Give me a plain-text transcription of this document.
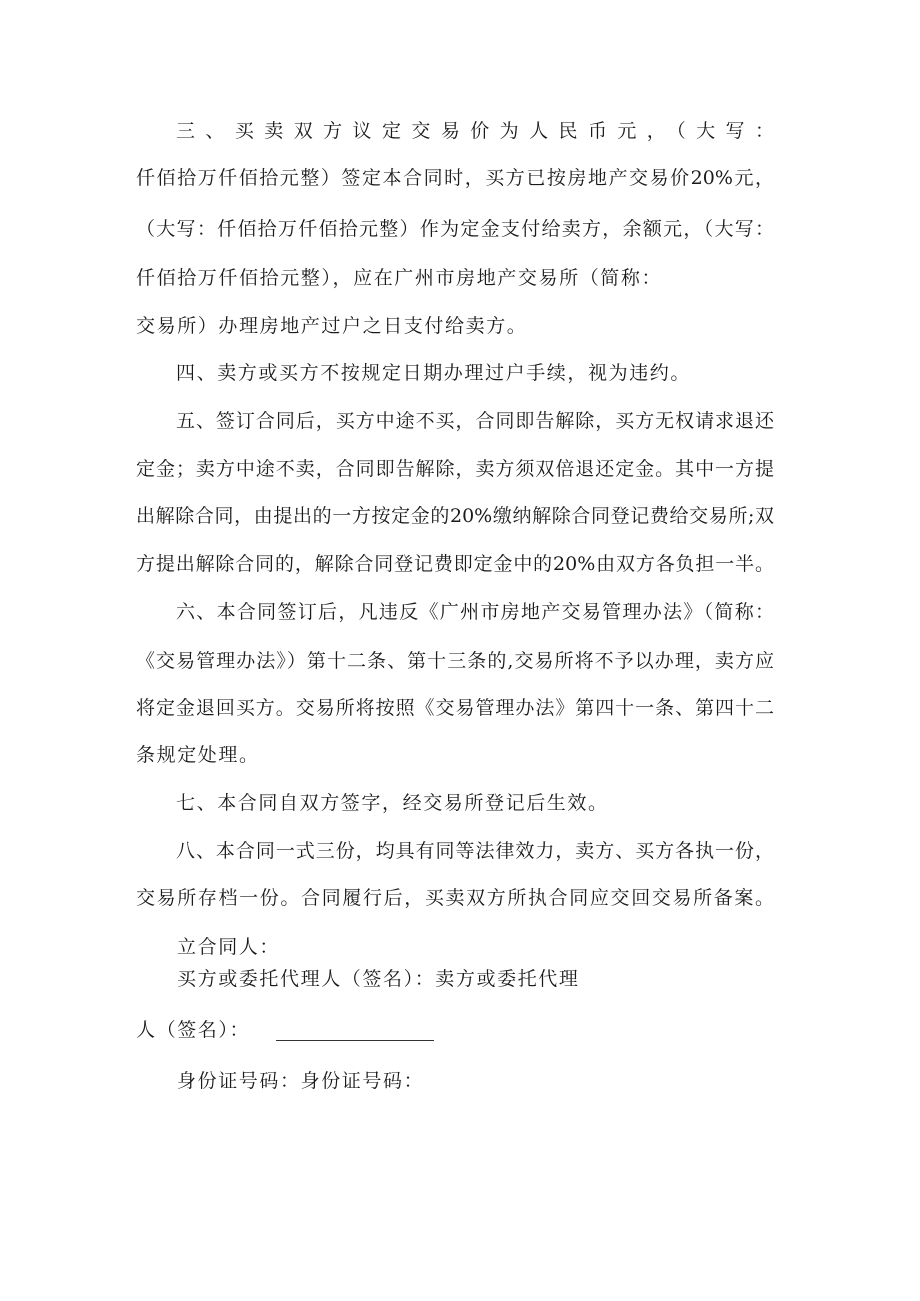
三、买卖双方议定交易价为人民币元，（大写：
仟佰拾万仟佰拾元整）签定本合同时，买方已按房地产交易价20%元，
（大写：仟佰拾万仟佰拾元整）作为定金支付给卖方，余额元，（大写：
仟佰拾万仟佰拾元整），应在广州市房地产交易所（简称：
交易所）办理房地产过户之日支付给卖方。
四、卖方或买方不按规定日期办理过户手续，视为违约。
五、签订合同后，买方中途不买，合同即告解除，买方无权请求退还
定金；卖方中途不卖，合同即告解除，卖方须双倍退还定金。其中一方提
出解除合同，由提出的一方按定金的20%缴纳解除合同登记费给交易所;双
方提出解除合同的，解除合同登记费即定金中的20%由双方各负担一半。
六、本合同签订后，凡违反《广州市房地产交易管理办法》（简称：
《交易管理办法》）第十二条、第十三条的,交易所将不予以办理，卖方应
将定金退回买方。交易所将按照《交易管理办法》第四十一条、第四十二
条规定处理。
七、本合同自双方签字，经交易所登记后生效。
八、本合同一式三份，均具有同等法律效力，卖方、买方各执一份，
交易所存档一份。合同履行后，买卖双方所执合同应交回交易所备案。
立合同人：
买方或委托代理人（签名）：卖方或委托代理
人（签名）：
身份证号码：身份证号码：
